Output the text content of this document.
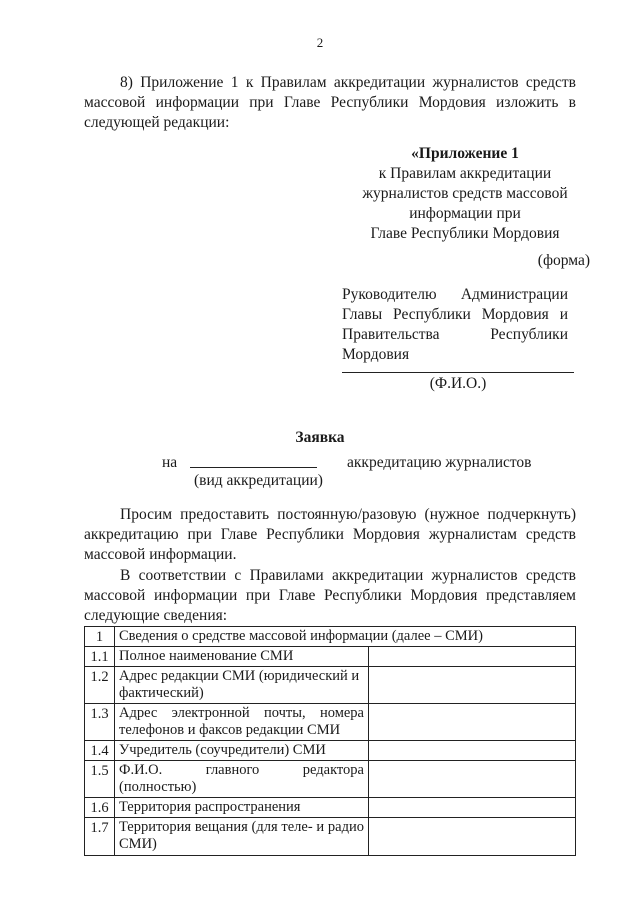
2
8) Приложение 1 к Правилам аккредитации журналистов средств
массовой информации при Главе Республики Мордовия изложить в
следующей редакции:
«Приложение 1
к Правилам аккредитации
журналистов средств массовой
информации при
Главе Республики Мордовия
(форма)
Руководителю Администрации
Главы Республики Мордовия и
Правительства Республики
Мордовия
(Ф.И.О.)
Заявка
на	аккредитацию журналистов
(вид аккредитации)
Просим предоставить постоянную/разовую (нужное подчеркнуть)
аккредитацию при Главе Республики Мордовия журналистам средств
массовой информации.
В соответствии с Правилами аккредитации журналистов средств
массовой информации при Главе Республики Мордовия представляем
следующие сведения:
1	Сведения о средстве массовой информации (далее – СМИ)	
1.1	Полное наименование СМИ	
1.2	Адрес редакции СМИ (юридический и фактический)	
1.3	Адрес электронной почты, номера телефонов и факсов редакции СМИ	
1.4	Учредитель (соучредители) СМИ	
1.5	Ф.И.О. главного редактора (полностью)	
1.6	Территория распространения	
1.7	Территория вещания (для теле- и радио СМИ)	
